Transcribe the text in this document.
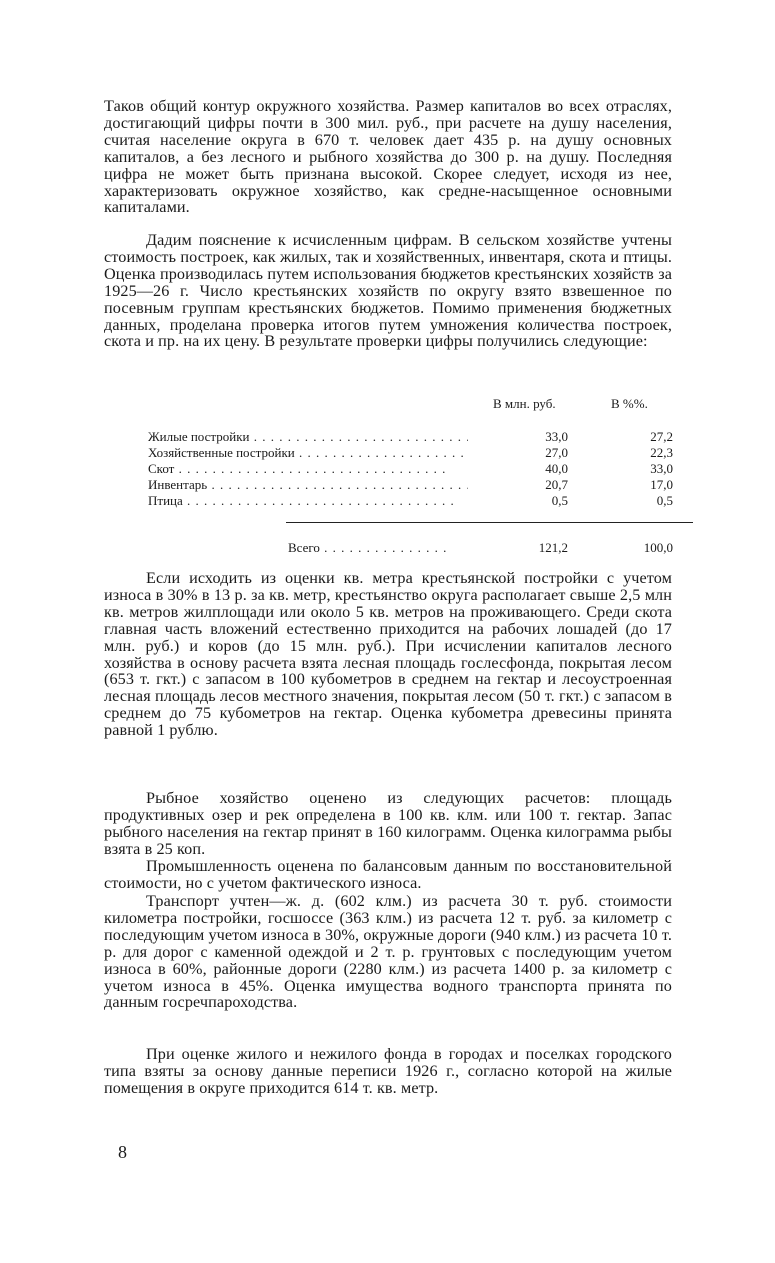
Таков общий контур окружного хозяйства. Размер капиталов во всех отраслях, достигающий цифры почти в 300 мил. руб., при расчете на душу населения, считая население округа в 670 т. человек дает 435 р. на душу основных капиталов, а без лесного и рыбного хозяйства до 300 р. на душу. Последняя цифра не может быть признана высокой. Скорее следует, исходя из нее, характеризовать окружное хозяйство, как средне-насыщенное основными капиталами.

Дадим пояснение к исчисленным цифрам. В сельском хозяйстве учтены стоимость построек, как жилых, так и хозяйственных, инвентаря, скота и птицы. Оценка производилась путем использования бюджетов крестьянских хозяйств за 1925—26 г. Число крестьянских хозяйств по округу взято взвешенное по посевным группам крестьянских бюджетов. Помимо применения бюджетных данных, проделана проверка итогов путем умножения количества построек, скота и пр. на их цену. В результате проверки цифры получились следующие:

В млн. руб.	В %%.
Жилые постройки . . .	33,0	27,2
Хозяйственные постройки . . .	27,0	22,3
Скот . . .	40,0	33,0
Инвентарь . . .	20,7	17,0
Птица . . .	0,5	0,5
Всего . . .	121,2	100,0

Если исходить из оценки кв. метра крестьянской постройки с учетом износа в 30% в 13 р. за кв. метр, крестьянство округа располагает свыше 2,5 млн кв. метров жилплощади или около 5 кв. метров на проживающего. Среди скота главная часть вложений естественно приходится на рабочих лошадей (до 17 млн. руб.) и коров (до 15 млн. руб.). При исчислении капиталов лесного хозяйства в основу расчета взята лесная площадь гослесфонда, покрытая лесом (653 т. гкт.) с запасом в 100 кубометров в среднем на гектар и лесоустроенная лесная площадь лесов местного значения, покрытая лесом (50 т. гкт.) с запасом в среднем до 75 кубометров на гектар. Оценка кубометра древесины принята равной 1 рублю.

Рыбное хозяйство оценено из следующих расчетов: площадь продуктивных озер и рек определена в 100 кв. клм. или 100 т. гектар. Запас рыбного населения на гектар принят в 160 килограмм. Оценка килограмма рыбы взята в 25 коп.

Промышленность оценена по балансовым данным по восстановительной стоимости, но с учетом фактического износа.

Транспорт учтен—ж. д. (602 клм.) из расчета 30 т. руб. стоимости километра постройки, госшоссе (363 клм.) из расчета 12 т. руб. за километр с последующим учетом износа в 30%, окружные дороги (940 клм.) из расчета 10 т. р. для дорог с каменной одеждой и 2 т. р. грунтовых с последующим учетом износа в 60%, районные дороги (2280 клм.) из расчета 1400 р. за километр с учетом износа в 45%. Оценка имущества водного транспорта принята по данным госречпароходства.

При оценке жилого и нежилого фонда в городах и поселках городского типа взяты за основу данные переписи 1926 г., согласно которой на жилые помещения в округе приходится 614 т. кв. метр.

8
